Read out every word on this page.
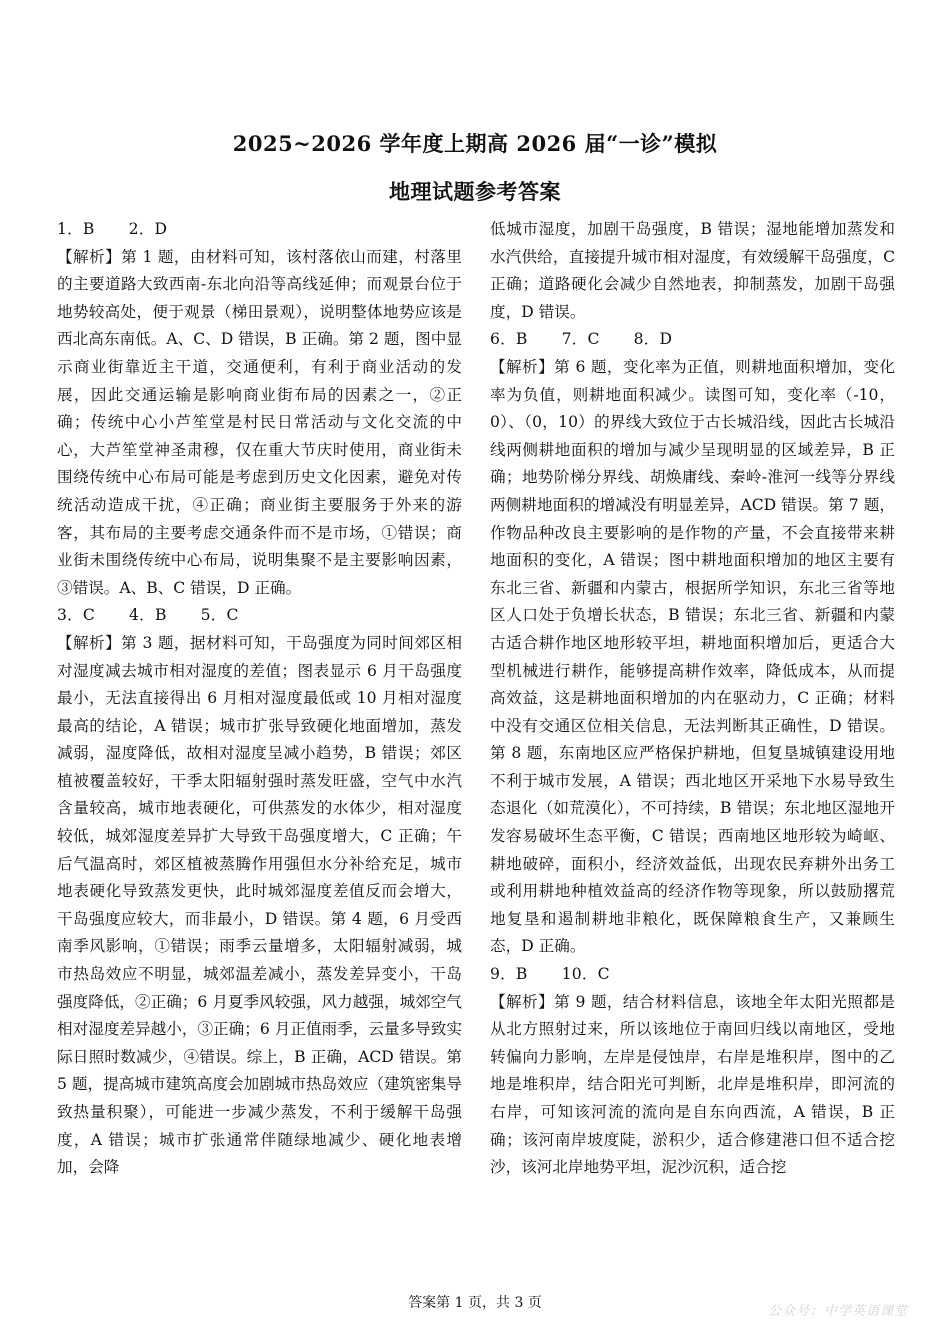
2025~2026 学年度上期高 2026 届“一诊”模拟
地理试题参考答案

1．B 2．D

【解析】第 1 题，由材料可知，该村落依山而建，村落里的主要道路大致西南-东北向沿等高线延伸；而观景台位于地势较高处，便于观景（梯田景观），说明整体地势应该是西北高东南低。A、C、D 错误，B 正确。第 2 题，图中显示商业街靠近主干道，交通便利，有利于商业活动的发展，因此交通运输是影响商业街布局的因素之一，②正确；传统中心小芦笙堂是村民日常活动与文化交流的中心，大芦笙堂神圣肃穆，仅在重大节庆时使用，商业街未围绕传统中心布局可能是考虑到历史文化因素，避免对传统活动造成干扰，④正确；商业街主要服务于外来的游客，其布局的主要考虑交通条件而不是市场，①错误；商业街未围绕传统中心布局，说明集聚不是主要影响因素，③错误。A、B、C 错误，D 正确。

3．C 4．B 5．C

【解析】第 3 题，据材料可知，干岛强度为同时间郊区相对湿度减去城市相对湿度的差值；图表显示 6 月干岛强度最小，无法直接得出 6 月相对湿度最低或 10 月相对湿度最高的结论，A 错误；城市扩张导致硬化地面增加，蒸发减弱，湿度降低，故相对湿度呈减小趋势，B 错误；郊区植被覆盖较好，干季太阳辐射强时蒸发旺盛，空气中水汽含量较高，城市地表硬化，可供蒸发的水体少，相对湿度较低，城郊湿度差异扩大导致干岛强度增大，C 正确；午后气温高时，郊区植被蒸腾作用强但水分补给充足，城市地表硬化导致蒸发更快，此时城郊湿度差值反而会增大，干岛强度应较大，而非最小，D 错误。第 4 题，6 月受西南季风影响，①错误；雨季云量增多，太阳辐射减弱，城市热岛效应不明显，城郊温差减小，蒸发差异变小，干岛强度降低，②正确；6 月夏季风较强，风力越强，城郊空气相对湿度差异越小，③正确；6 月正值雨季，云量多导致实际日照时数减少，④错误。综上，B 正确，ACD 错误。第 5 题，提高城市建筑高度会加剧城市热岛效应（建筑密集导致热量积聚），可能进一步减少蒸发，不利于缓解干岛强度，A 错误；城市扩张通常伴随绿地减少、硬化地表增加，会降

低城市湿度，加剧干岛强度，B 错误；湿地能增加蒸发和水汽供给，直接提升城市相对湿度，有效缓解干岛强度，C 正确；道路硬化会减少自然地表，抑制蒸发，加剧干岛强度，D 错误。

6．B 7．C 8．D

【解析】第 6 题，变化率为正值，则耕地面积增加，变化率为负值，则耕地面积减少。读图可知，变化率（-10，0）、（0，10）的界线大致位于古长城沿线，因此古长城沿线两侧耕地面积的增加与减少呈现明显的区域差异，B 正确；地势阶梯分界线、胡焕庸线、秦岭-淮河一线等分界线两侧耕地面积的增减没有明显差异，ACD 错误。第 7 题，作物品种改良主要影响的是作物的产量，不会直接带来耕地面积的变化，A 错误；图中耕地面积增加的地区主要有东北三省、新疆和内蒙古，根据所学知识，东北三省等地区人口处于负增长状态，B 错误；东北三省、新疆和内蒙古适合耕作地区地形较平坦，耕地面积增加后，更适合大型机械进行耕作，能够提高耕作效率，降低成本，从而提高效益，这是耕地面积增加的内在驱动力，C 正确；材料中没有交通区位相关信息，无法判断其正确性，D 错误。第 8 题，东南地区应严格保护耕地，但复垦城镇建设用地不利于城市发展，A 错误；西北地区开采地下水易导致生态退化（如荒漠化），不可持续，B 错误；东北地区湿地开发容易破坏生态平衡，C 错误；西南地区地形较为崎岖、耕地破碎，面积小，经济效益低，出现农民弃耕外出务工或利用耕地种植效益高的经济作物等现象，所以鼓励撂荒地复垦和遏制耕地非粮化，既保障粮食生产，又兼顾生态，D 正确。

9．B 10．C

【解析】第 9 题，结合材料信息，该地全年太阳光照都是从北方照射过来，所以该地位于南回归线以南地区，受地转偏向力影响，左岸是侵蚀岸，右岸是堆积岸，图中的乙地是堆积岸，结合阳光可判断，北岸是堆积岸，即河流的右岸，可知该河流的流向是自东向西流，A 错误，B 正确；该河南岸坡度陡，淤积少，适合修建港口但不适合挖沙，该河北岸地势平坦，泥沙沉积，适合挖

答案第 1 页，共 3 页
公众号：中学英语课堂
